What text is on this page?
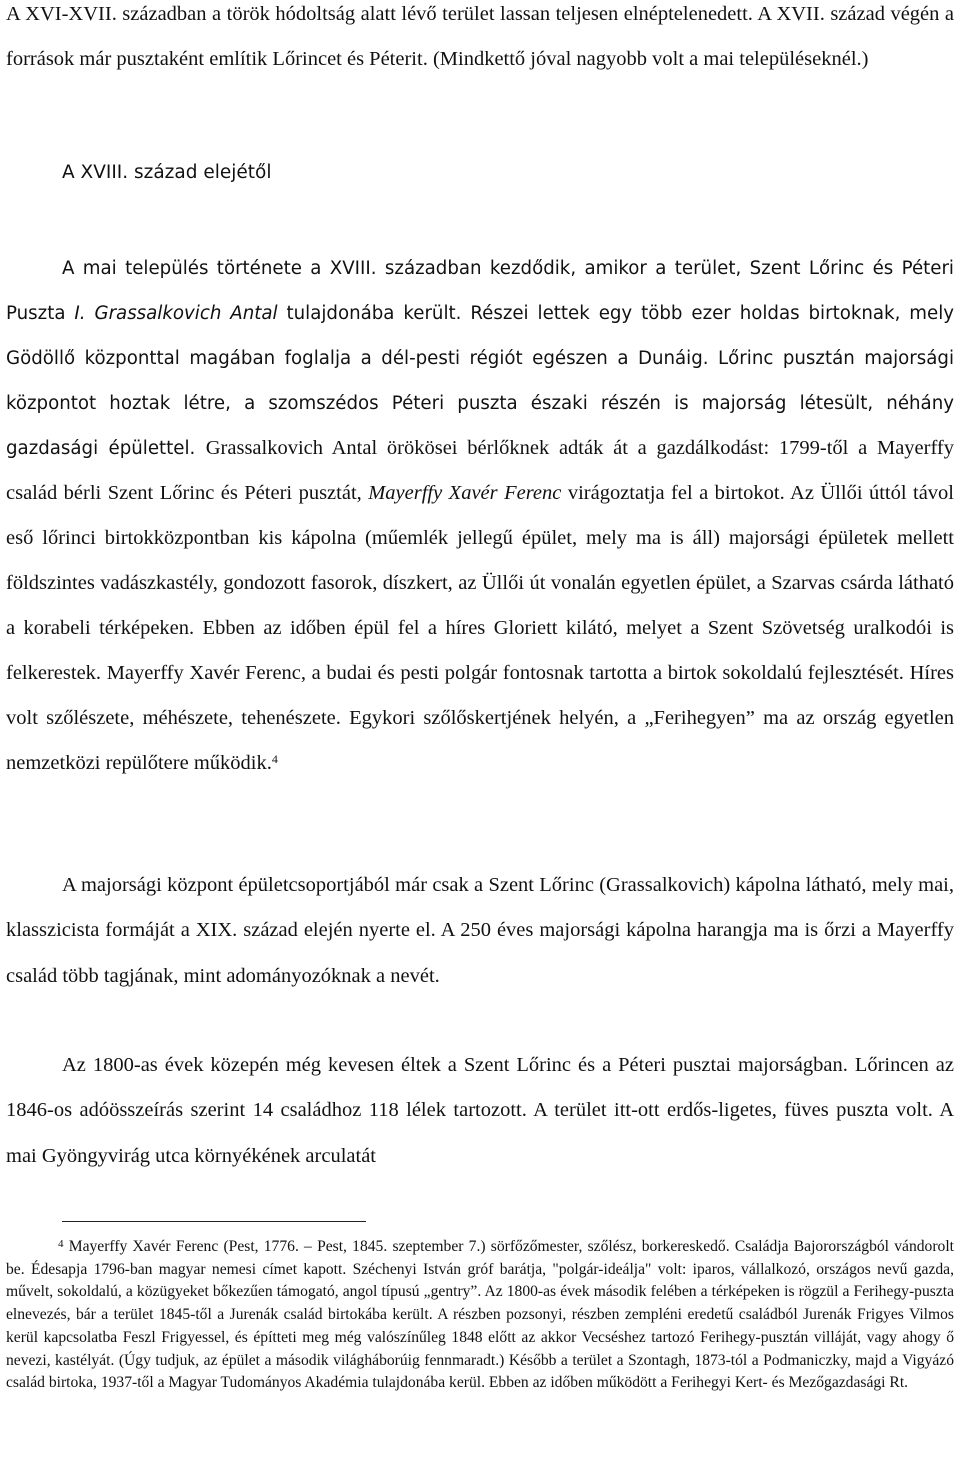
A XVI-XVII. században a török hódoltság alatt lévő terület lassan teljesen elnéptelenedett. A XVII. század végén a források már pusztaként említik Lőrincet és Péterit. (Mindkettő jóval nagyobb volt a mai településeknél.)

A XVIII. század elejétől

A mai település története a XVIII. században kezdődik, amikor a terület, Szent Lőrinc és Péteri Puszta I. Grassalkovich Antal tulajdonába került. Részei lettek egy több ezer holdas birtoknak, mely Gödöllő központtal magában foglalja a dél-pesti régiót egészen a Dunáig. Lőrinc pusztán majorsági központot hoztak létre, a szomszédos Péteri puszta északi részén is majorság létesült, néhány gazdasági épülettel. Grassalkovich Antal örökösei bérlőknek adták át a gazdálkodást: 1799-től a Mayerffy család bérli Szent Lőrinc és Péteri pusztát, Mayerffy Xavér Ferenc virágoztatja fel a birtokot. Az Üllői úttól távol eső lőrinci birtokközpontban kis kápolna (műemlék jellegű épület, mely ma is áll) majorsági épületek mellett földszintes vadászkastély, gondozott fasorok, díszkert, az Üllői út vonalán egyetlen épület, a Szarvas csárda látható a korabeli térképeken. Ebben az időben épül fel a híres Gloriett kilátó, melyet a Szent Szövetség uralkodói is felkerestek. Mayerffy Xavér Ferenc, a budai és pesti polgár fontosnak tartotta a birtok sokoldalú fejlesztését. Híres volt szőlészete, méhészete, tehenészete. Egykori szőlőskertjének helyén, a „Ferihegyen” ma az ország egyetlen nemzetközi repülőtere működik.$^4$

A majorsági központ épületcsoportjából már csak a Szent Lőrinc (Grassalkovich) kápolna látható, mely mai, klasszicista formáját a XIX. század elején nyerte el. A 250 éves majorsági kápolna harangja ma is őrzi a Mayerffy család több tagjának, mint adományozóknak a nevét.

Az 1800-as évek közepén még kevesen éltek a Szent Lőrinc és a Péteri pusztai majorságban. Lőrincen az 1846-os adóösszeírás szerint 14 családhoz 118 lélek tartozott. A terület itt-ott erdős-ligetes, füves puszta volt. A mai Gyöngyvirág utca környékének arculatát

$^4$ Mayerffy Xavér Ferenc (Pest, 1776. – Pest, 1845. szeptember 7.) sörfőzőmester, szőlész, borkereskedő. Családja Bajorországból vándorolt be. Édesapja 1796-ban magyar nemesi címet kapott. Széchenyi István gróf barátja, "polgár-ideálja" volt: iparos, vállalkozó, országos nevű gazda, művelt, sokoldalú, a közügyeket bőkezűen támogató, angol típusú „gentry”. Az 1800-as évek második felében a térképeken is rögzül a Ferihegy-puszta elnevezés, bár a terület 1845-től a Jurenák család birtokába került. A részben pozsonyi, részben zempléni eredetű családból Jurenák Frigyes Vilmos kerül kapcsolatba Feszl Frigyessel, és építteti meg még valószínűleg 1848 előtt az akkor Vecséshez tartozó Ferihegy-pusztán villáját, vagy ahogy ő nevezi, kastélyát. (Úgy tudjuk, az épület a második világháborúig fennmaradt.) Később a terület a Szontagh, 1873-tól a Podmaniczky, majd a Vigyázó család birtoka, 1937-től a Magyar Tudományos Akadémia tulajdonába kerül. Ebben az időben működött a Ferihegyi Kert- és Mezőgazdasági Rt.
